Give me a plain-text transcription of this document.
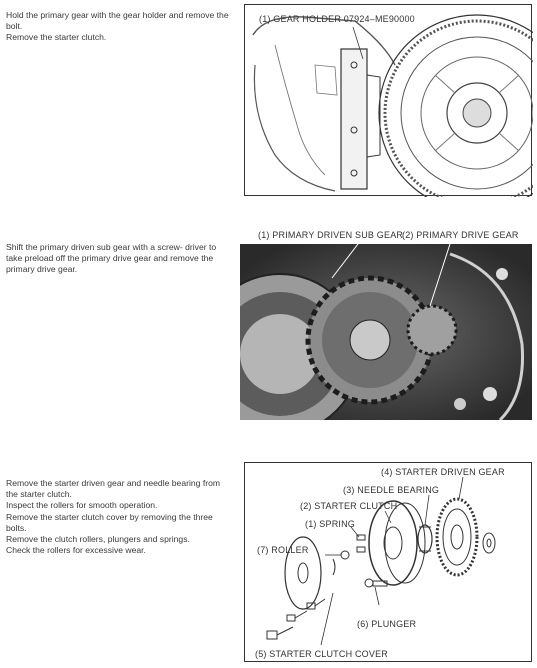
Hold the primary gear with the gear holder and remove the bolt.

Remove the starter clutch.

(1) GEAR HOLDER 07924–ME90000

Shift the primary driven sub gear with a screw- driver to take preload off the primary drive gear and remove the primary drive gear.

(1) PRIMARY DRIVEN SUB GEAR
(2) PRIMARY DRIVE GEAR

Remove the starter driven gear and needle bearing from the starter clutch.

Inspect the rollers for smooth operation.

Remove the starter clutch cover by removing the three bolts.

Remove the clutch rollers, plungers and springs.

Check the rollers for excessive wear.

(4) STARTER DRIVEN GEAR
(3) NEEDLE BEARING
(2) STARTER CLUTCH
(1) SPRING
(7) ROLLER
(6) PLUNGER
(5) STARTER CLUTCH COVER
